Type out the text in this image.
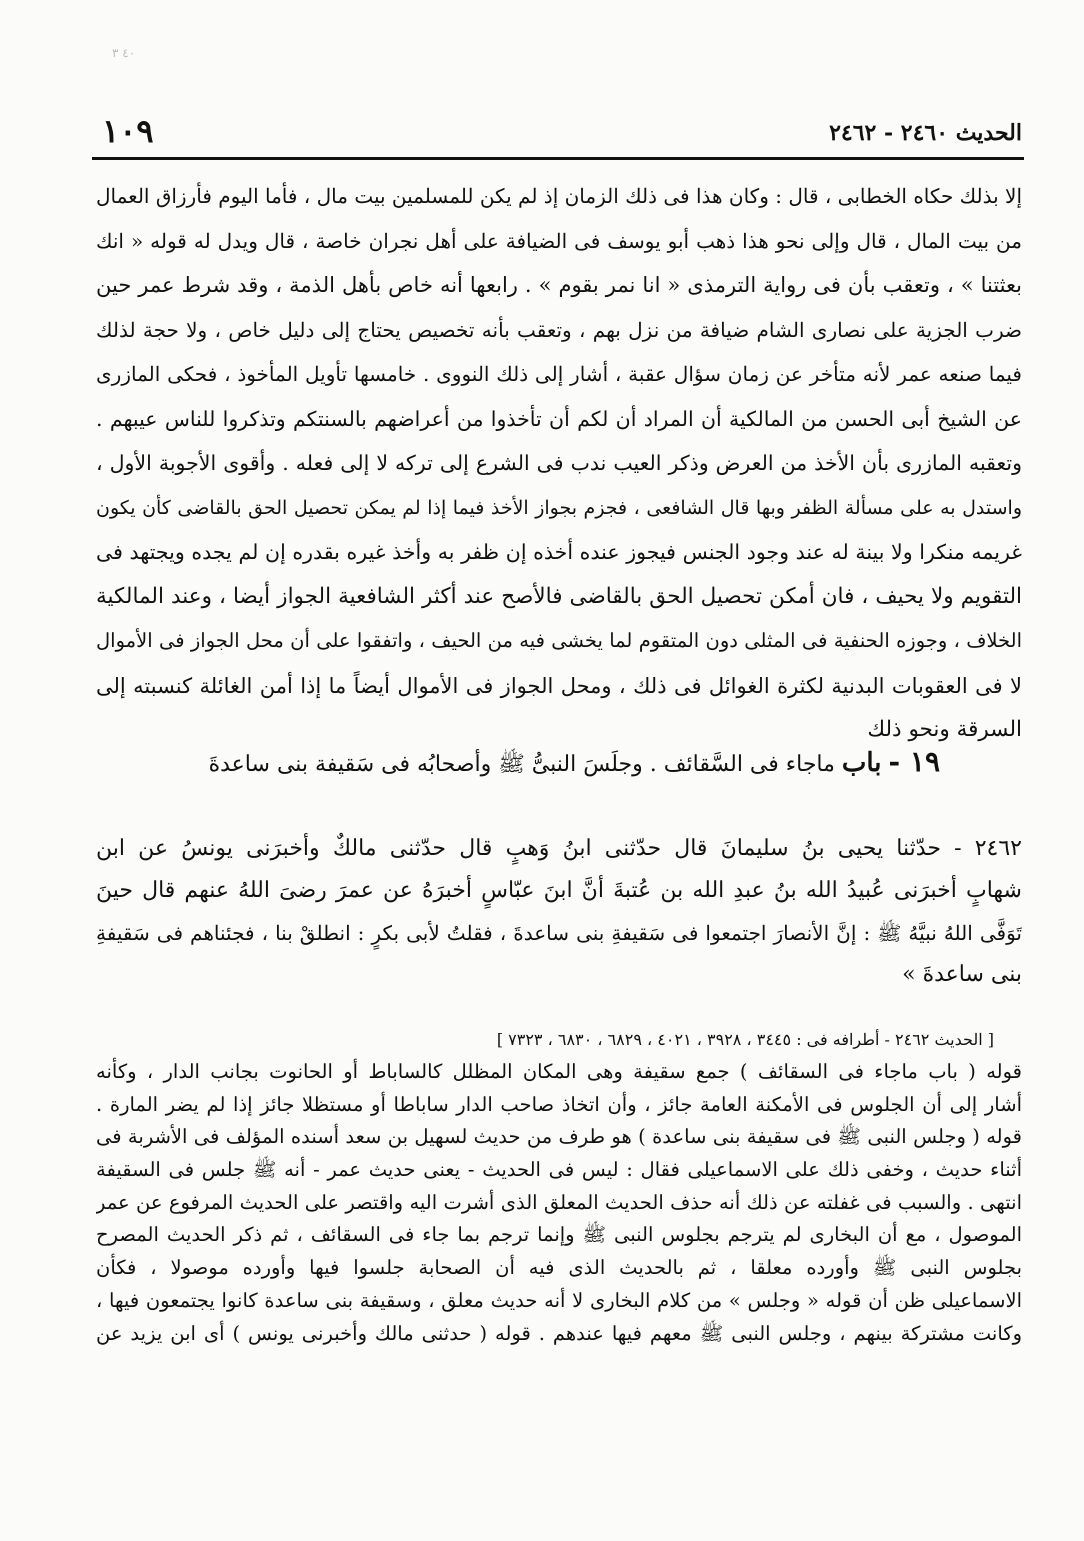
٤٠ ٣
الحديث ٢٤٦٠ - ٢٤٦٢
١٠٩
إلا بذلك حكاه الخطابى ، قال : وكان هذا فى ذلك الزمان إذ لم يكن للمسلمين بيت مال ، فأما اليوم فأرزاق العمال
من بيت المال ، قال وإلى نحو هذا ذهب أبو يوسف فى الضيافة على أهل نجران خاصة ، قال ويدل له قوله « انك
بعثتنا » ، وتعقب بأن فى رواية الترمذى « انا نمر بقوم » . رابعها أنه خاص بأهل الذمة ، وقد شرط عمر حين
ضرب الجزية على نصارى الشام ضيافة من نزل بهم ، وتعقب بأنه تخصيص يحتاج إلى دليل خاص ، ولا حجة لذلك
فيما صنعه عمر لأنه متأخر عن زمان سؤال عقبة ، أشار إلى ذلك النووى . خامسها تأويل المأخوذ ، فحكى المازرى
عن الشيخ أبى الحسن من المالكية أن المراد أن لكم أن تأخذوا من أعراضهم بالسنتكم وتذكروا للناس عيبهم .
وتعقبه المازرى بأن الأخذ من العرض وذكر العيب ندب فى الشرع إلى تركه لا إلى فعله . وأقوى الأجوبة الأول ،
واستدل به على مسألة الظفر وبها قال الشافعى ، فجزم بجواز الأخذ فيما إذا لم يمكن تحصيل الحق بالقاضى كأن يكون
غريمه منكرا ولا بينة له عند وجود الجنس فيجوز عنده أخذه إن ظفر به وأخذ غيره بقدره إن لم يجده ويجتهد فى
التقويم ولا يحيف ، فان أمكن تحصيل الحق بالقاضى فالأصح عند أكثر الشافعية الجواز أيضا ، وعند المالكية
الخلاف ، وجوزه الحنفية فى المثلى دون المتقوم لما يخشى فيه من الحيف ، واتفقوا على أن محل الجواز فى الأموال
لا فى العقوبات البدنية لكثرة الغوائل فى ذلك ، ومحل الجواز فى الأموال أيضاً ما إذا أمن الغائلة كنسبته إلى
السرقة ونحو ذلك
١٩ - باب ماجاء فى السَّقائف . وجلَسَ النبىُّ ﷺ وأصحابُه فى سَقيفة بنى ساعدةَ
٢٤٦٢ - حدّثنا يحيى بنُ سليمانَ قال حدّثنى ابنُ وَهبٍ قال حدّثنى مالكٌ وأخبرَنى يونسُ عن ابن
شهابٍ أخبرَنى عُبيدُ الله بنُ عبدِ الله بن عُتبةَ أنَّ ابنَ عبّاسٍ أخبرَهُ عن عمرَ رضىَ اللهُ عنهم قال حينَ
تَوَفَّى اللهُ نبيَّهُ ﷺ : إنَّ الأنصارَ اجتمعوا فى سَقيفةِ بنى ساعدةَ ، فقلتُ لأبى بكرٍ : انطلقْ بنا ، فجئناهم فى سَقيفةِ
بنى ساعدةَ »
[ الحديث ٢٤٦٢ - أطرافه فى : ٣٤٤٥ ، ٣٩٢٨ ، ٤٠٢١ ، ٦٨٢٩ ، ٦٨٣٠ ، ٧٣٢٣ ]
قوله ( باب ماجاء فى السقائف ) جمع سقيفة وهى المكان المظلل كالساباط أو الحانوت بجانب الدار ، وكأنه
أشار إلى أن الجلوس فى الأمكنة العامة جائز ، وأن اتخاذ صاحب الدار ساباطا أو مستظلا جائز إذا لم يضر المارة .
قوله ( وجلس النبى ﷺ فى سقيفة بنى ساعدة ) هو طرف من حديث لسهيل بن سعد أسنده المؤلف فى الأشربة فى
أثناء حديث ، وخفى ذلك على الاسماعيلى فقال : ليس فى الحديث - يعنى حديث عمر - أنه ﷺ جلس فى السقيفة
انتهى . والسبب فى غفلته عن ذلك أنه حذف الحديث المعلق الذى أشرت اليه واقتصر على الحديث المرفوع عن عمر
الموصول ، مع أن البخارى لم يترجم بجلوس النبى ﷺ وإنما ترجم بما جاء فى السقائف ، ثم ذكر الحديث المصرح
بجلوس النبى ﷺ وأورده معلقا ، ثم بالحديث الذى فيه أن الصحابة جلسوا فيها وأورده موصولا ، فكأن
الاسماعيلى ظن أن قوله « وجلس » من كلام البخارى لا أنه حديث معلق ، وسقيفة بنى ساعدة كانوا يجتمعون فيها ،
وكانت مشتركة بينهم ، وجلس النبى ﷺ معهم فيها عندهم . قوله ( حدثنى مالك وأخبرنى يونس ) أى ابن يزيد عن
